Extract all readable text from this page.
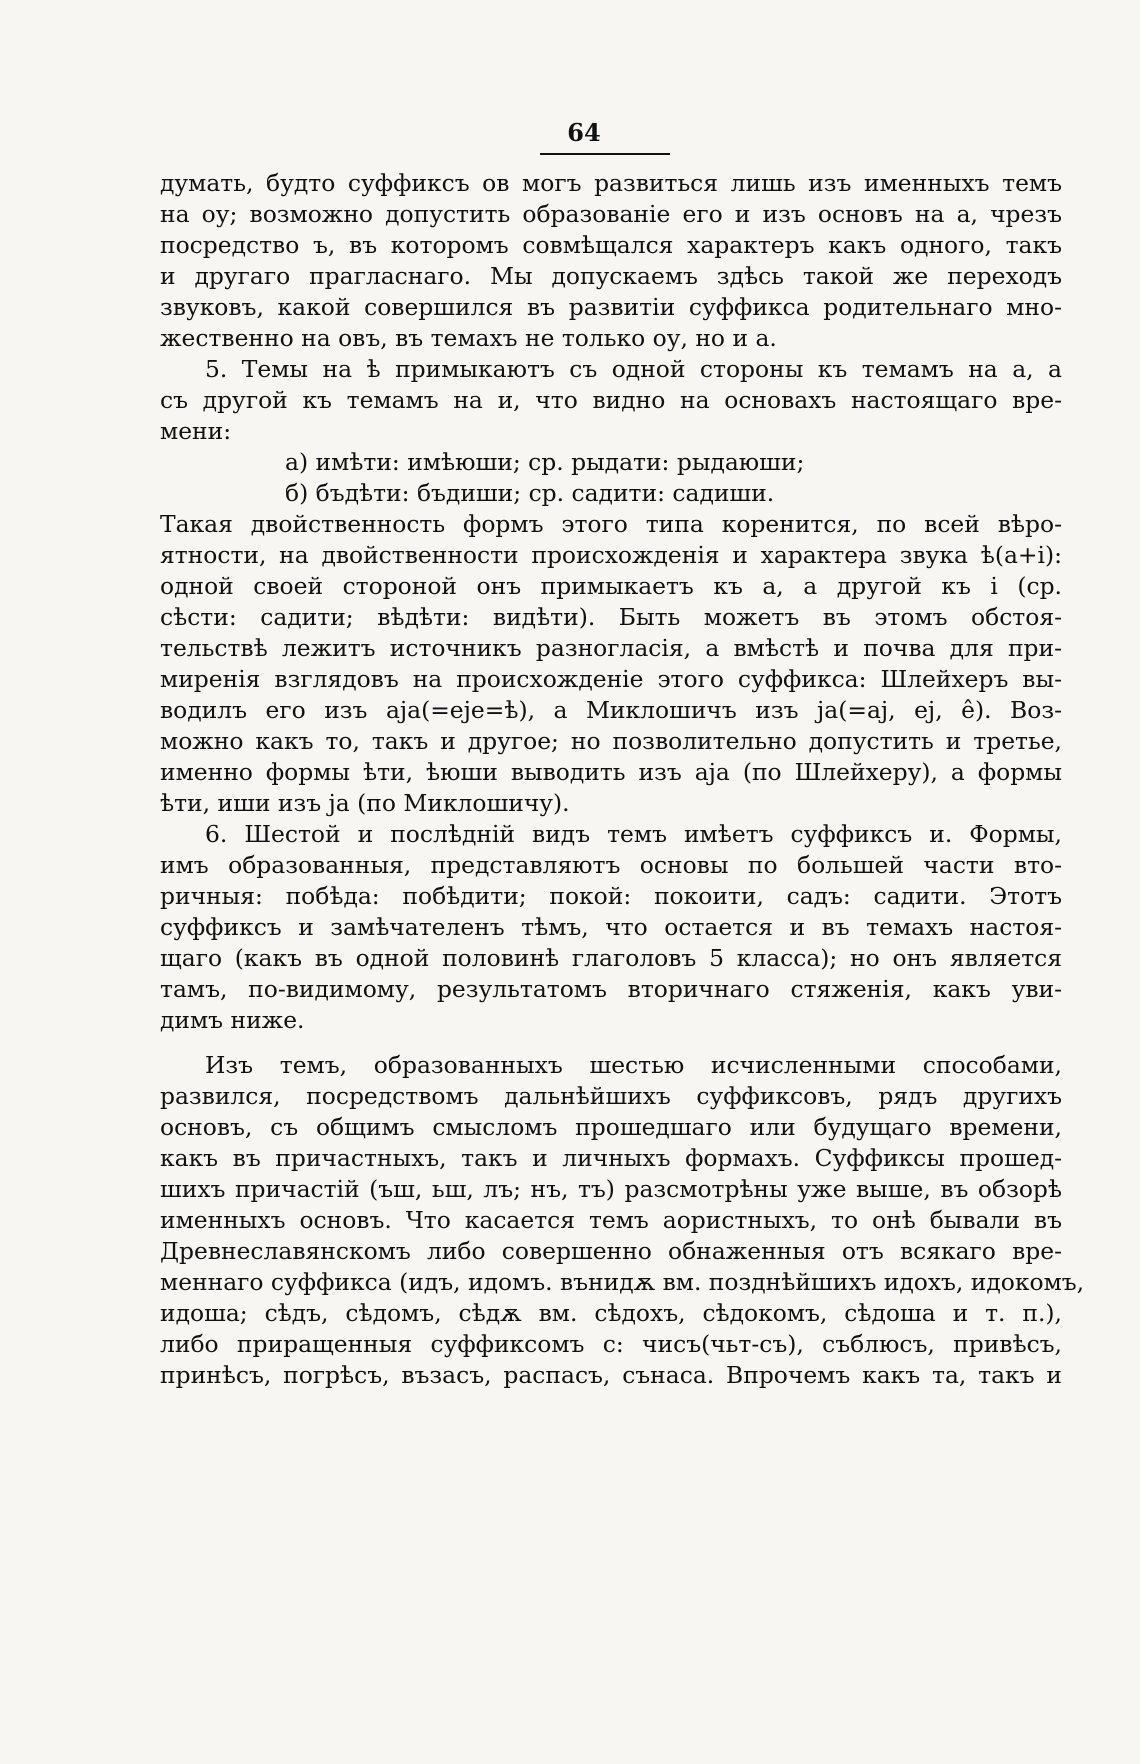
64
думать, будто суффиксъ ов могъ развиться лишь изъ именныхъ темъ
на оу; возможно допустить образованіе его и изъ основъ на а, чрезъ
посредство ъ, въ которомъ совмѣщался характеръ какъ одного, такъ
и другаго прагласнаго. Мы допускаемъ здѣсь такой же переходъ
звуковъ, какой совершился въ развитіи суффикса родительнаго мно-
жественно на овъ, въ темахъ не только оу, но и а.
5. Темы на ѣ примыкаютъ съ одной стороны къ темамъ на а, а
съ другой къ темамъ на и, что видно на основахъ настоящаго вре-
мени:
а) имѣти: имѣюши; ср. рыдати: рыдаюши;
б) бъдѣти: бъдиши; ср. садити: садиши.
Такая двойственность формъ этого типа коренится, по всей вѣро-
ятности, на двойственности происхожденія и характера звука ѣ(а+і):
одной своей стороной онъ примыкаетъ къ а, а другой къ і (ср.
сѣсти: садити; вѣдѣти: видѣти). Быть можетъ въ этомъ обстоя-
тельствѣ лежитъ источникъ разногласія, а вмѣстѣ и почва для при-
миренія взглядовъ на происхожденіе этого суффикса: Шлейхеръ вы-
водилъ его изъ аја(=еје=ѣ), а Миклошичъ изъ ја(=ај, еј, ê). Воз-
можно какъ то, такъ и другое; но позволительно допустить и третье,
именно формы ѣти, ѣюши выводить изъ аја (по Шлейхеру), а формы
ѣти, иши изъ ја (по Миклошичу).
6. Шестой и послѣдній видъ темъ имѣетъ суффиксъ и. Формы,
имъ образованныя, представляютъ основы по большей части вто-
ричныя: побѣда: побѣдити; покой: покоити, садъ: садити. Этотъ
суффиксъ и замѣчателенъ тѣмъ, что остается и въ темахъ настоя-
щаго (какъ въ одной половинѣ глаголовъ 5 класса); но онъ является
тамъ, по-видимому, результатомъ вторичнаго стяженія, какъ уви-
димъ ниже.
Изъ темъ, образованныхъ шестью исчисленными способами,
развился, посредствомъ дальнѣйшихъ суффиксовъ, рядъ другихъ
основъ, съ общимъ смысломъ прошедшаго или будущаго времени,
какъ въ причастныхъ, такъ и личныхъ формахъ. Суффиксы прошед-
шихъ причастій (ъш, ьш, лъ; нъ, тъ) разсмотрѣны уже выше, въ обзорѣ
именныхъ основъ. Что касается темъ аористныхъ, то онѣ бывали въ
Древнеславянскомъ либо совершенно обнаженныя отъ всякаго вре-
меннаго суффикса (идъ, идомъ. вънидѫ вм. позднѣйшихъ идохъ, идокомъ,
идоша; сѣдъ, сѣдомъ, сѣдѫ вм. сѣдохъ, сѣдокомъ, сѣдоша и т. п.),
либо приращенныя суффиксомъ с: чисъ(чьт-съ), съблюсъ, привѣсъ,
принѣсъ, погрѣсъ, възасъ, распасъ, сънаса. Впрочемъ какъ та, такъ и
